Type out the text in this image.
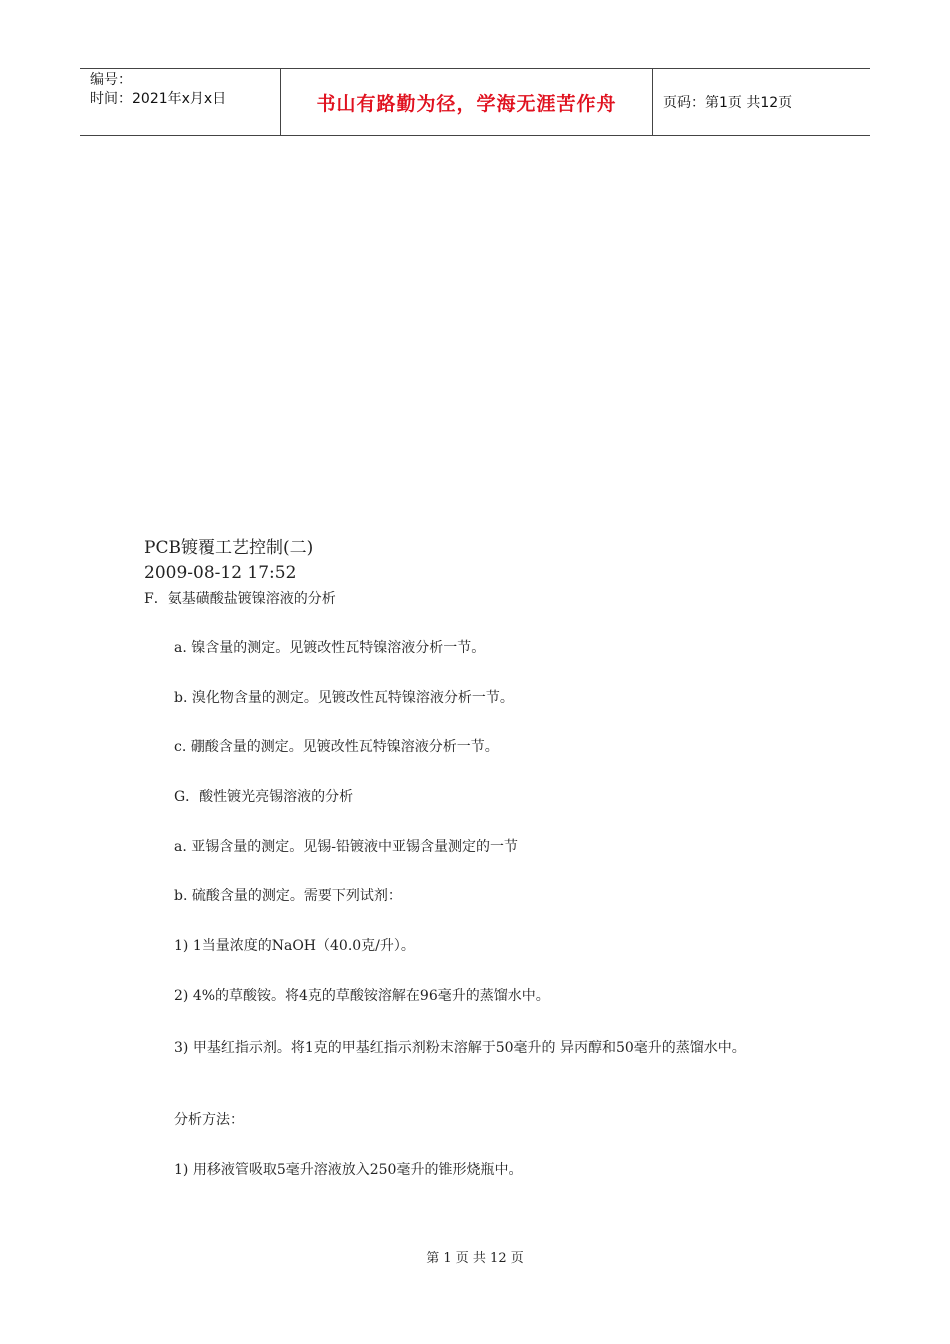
编号：
时间：2021年x月x日	书山有路勤为径，学海无涯苦作舟	页码：第1页 共12页
PCB镀覆工艺控制(二)
2009-08-12 17:52
F．氨基磺酸盐镀镍溶液的分析
a. 镍含量的测定。见镀改性瓦特镍溶液分析一节。
b. 溴化物含量的测定。见镀改性瓦特镍溶液分析一节。
c. 硼酸含量的测定。见镀改性瓦特镍溶液分析一节。
G．酸性镀光亮锡溶液的分析
a. 亚锡含量的测定。见锡-铅镀液中亚锡含量测定的一节
b. 硫酸含量的测定。需要下列试剂：
1) 1当量浓度的NaOH（40.0克/升）。
2) 4%的草酸铵。将4克的草酸铵溶解在96毫升的蒸馏水中。
3) 甲基红指示剂。将1克的甲基红指示剂粉末溶解于50毫升的 异丙醇和50毫升的蒸馏水中。
分析方法：
1) 用移液管吸取5毫升溶液放入250毫升的锥形烧瓶中。
第 1 页 共 12 页
